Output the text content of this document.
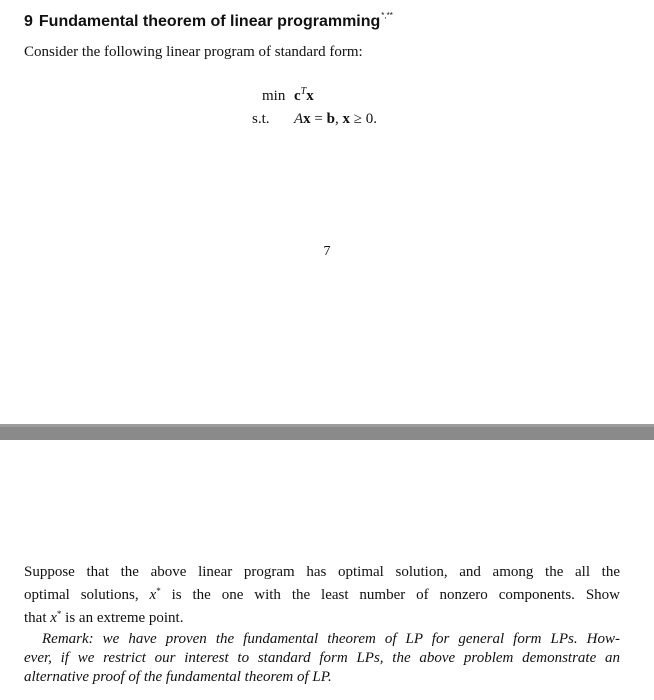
9 Fundamental theorem of linear programming*,**
Consider the following linear program of standard form:
$\min c^Tx$
s.t. Ax = b, x ≥ 0.
7
Suppose that the above linear program has optimal solution, and among the all the
optimal solutions, x* is the one with the least number of nonzero components. Show
that x* is an extreme point.
Remark: we have proven the fundamental theorem of LP for general form LPs. How-
ever, if we restrict our interest to standard form LPs, the above problem demonstrate an
alternative proof of the fundamental theorem of LP.
